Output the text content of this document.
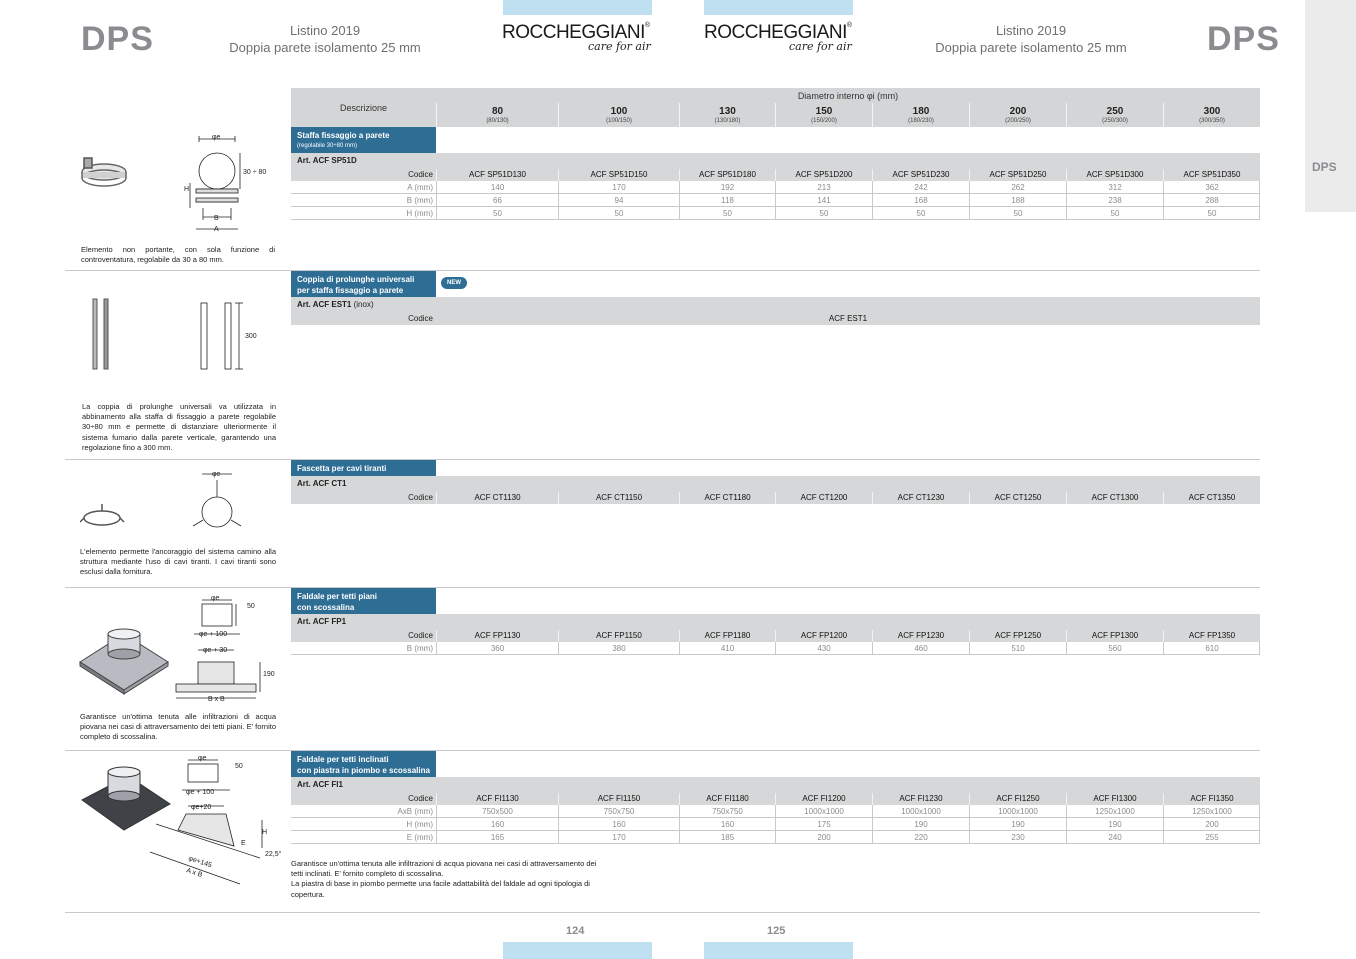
DPS	Listino 2019
Doppia parete isolamento 25 mm
ROCCHEGGIANI®
care for air
ROCCHEGGIANI®
care for air
Listino 2019
Doppia parete isolamento 25 mm	DPS
DPS
Descrizione
Diametro interno φi (mm)
80
(80/130)
100
(100/150)
130
(130/180)
150
(150/200)
180
(180/230)
200
(200/250)
250
(250/300)
300
(300/350)
Staffa fissaggio a parete
(regolabile 30÷80 mm)
Art. ACF SP51D
Codice	ACF SP51D130	ACF SP51D150	ACF SP51D180	ACF SP51D200	ACF SP51D230	ACF SP51D250	ACF SP51D300	ACF SP51D350
A (mm)	140	170	192	213	242	262	312	362
B (mm)	66	94	118	141	168	188	238	288
H (mm)	50	50	50	50	50	50	50	50
Elemento non portante, con sola funzione di controventatura, regolabile da 30 a 80 mm.
φe
30 ÷ 80
H
B
A
Coppia di prolunghe universali
per staffa fissaggio a parete
NEW
Art. ACF EST1 (inox)
Codice	ACF EST1
300
La coppia di prolunghe universali va utilizzata in abbinamento alla staffa di fissaggio a parete regolabile 30÷80 mm e permette di distanziare ulteriormente il sistema fumario dalla parete verticale, garantendo una regolazione fino a 300 mm.
Fascetta per cavi tiranti
Art. ACF CT1
Codice	ACF CT1130	ACF CT1150	ACF CT1180	ACF CT1200	ACF CT1230	ACF CT1250	ACF CT1300	ACF CT1350
φe
L'elemento permette l'ancoraggio del sistema camino alla struttura mediante l'uso di cavi tiranti. I cavi tiranti sono esclusi dalla fornitura.
Faldale per tetti piani
con scossalina
Art. ACF FP1
Codice	ACF FP1130	ACF FP1150	ACF FP1180	ACF FP1200	ACF FP1230	ACF FP1250	ACF FP1300	ACF FP1350
B (mm)	360	380	410	430	460	510	560	610
φe
50
φe + 100
φe + 30
190
B x B
Garantisce un'ottima tenuta alle infiltrazioni di acqua piovana nei casi di attraversamento dei tetti piani. E' fornito completo di scossalina.
Faldale per tetti inclinati
con piastra in piombo e scossalina
Art. ACF FI1
Codice	ACF FI1130	ACF FI1150	ACF FI1180	ACF FI1200	ACF FI1230	ACF FI1250	ACF FI1300	ACF FI1350
AxB (mm)	750x500	750x750	750x750	1000x1000	1000x1000	1000x1000	1250x1000	1250x1000
H (mm)	160	160	160	175	190	190	190	200
E (mm)	165	170	185	200	220	230	240	255
φe
50
φe + 100
φe+20
H
E
22,5°
φe+145
A x B
Garantisce un'ottima tenuta alle infiltrazioni di acqua piovana nei casi di attraversamento dei
tetti inclinati. E' fornito completo di scossalina.
La piastra di base in piombo permette una facile adattabilità del faldale ad ogni tipologia di
copertura.
124	125
